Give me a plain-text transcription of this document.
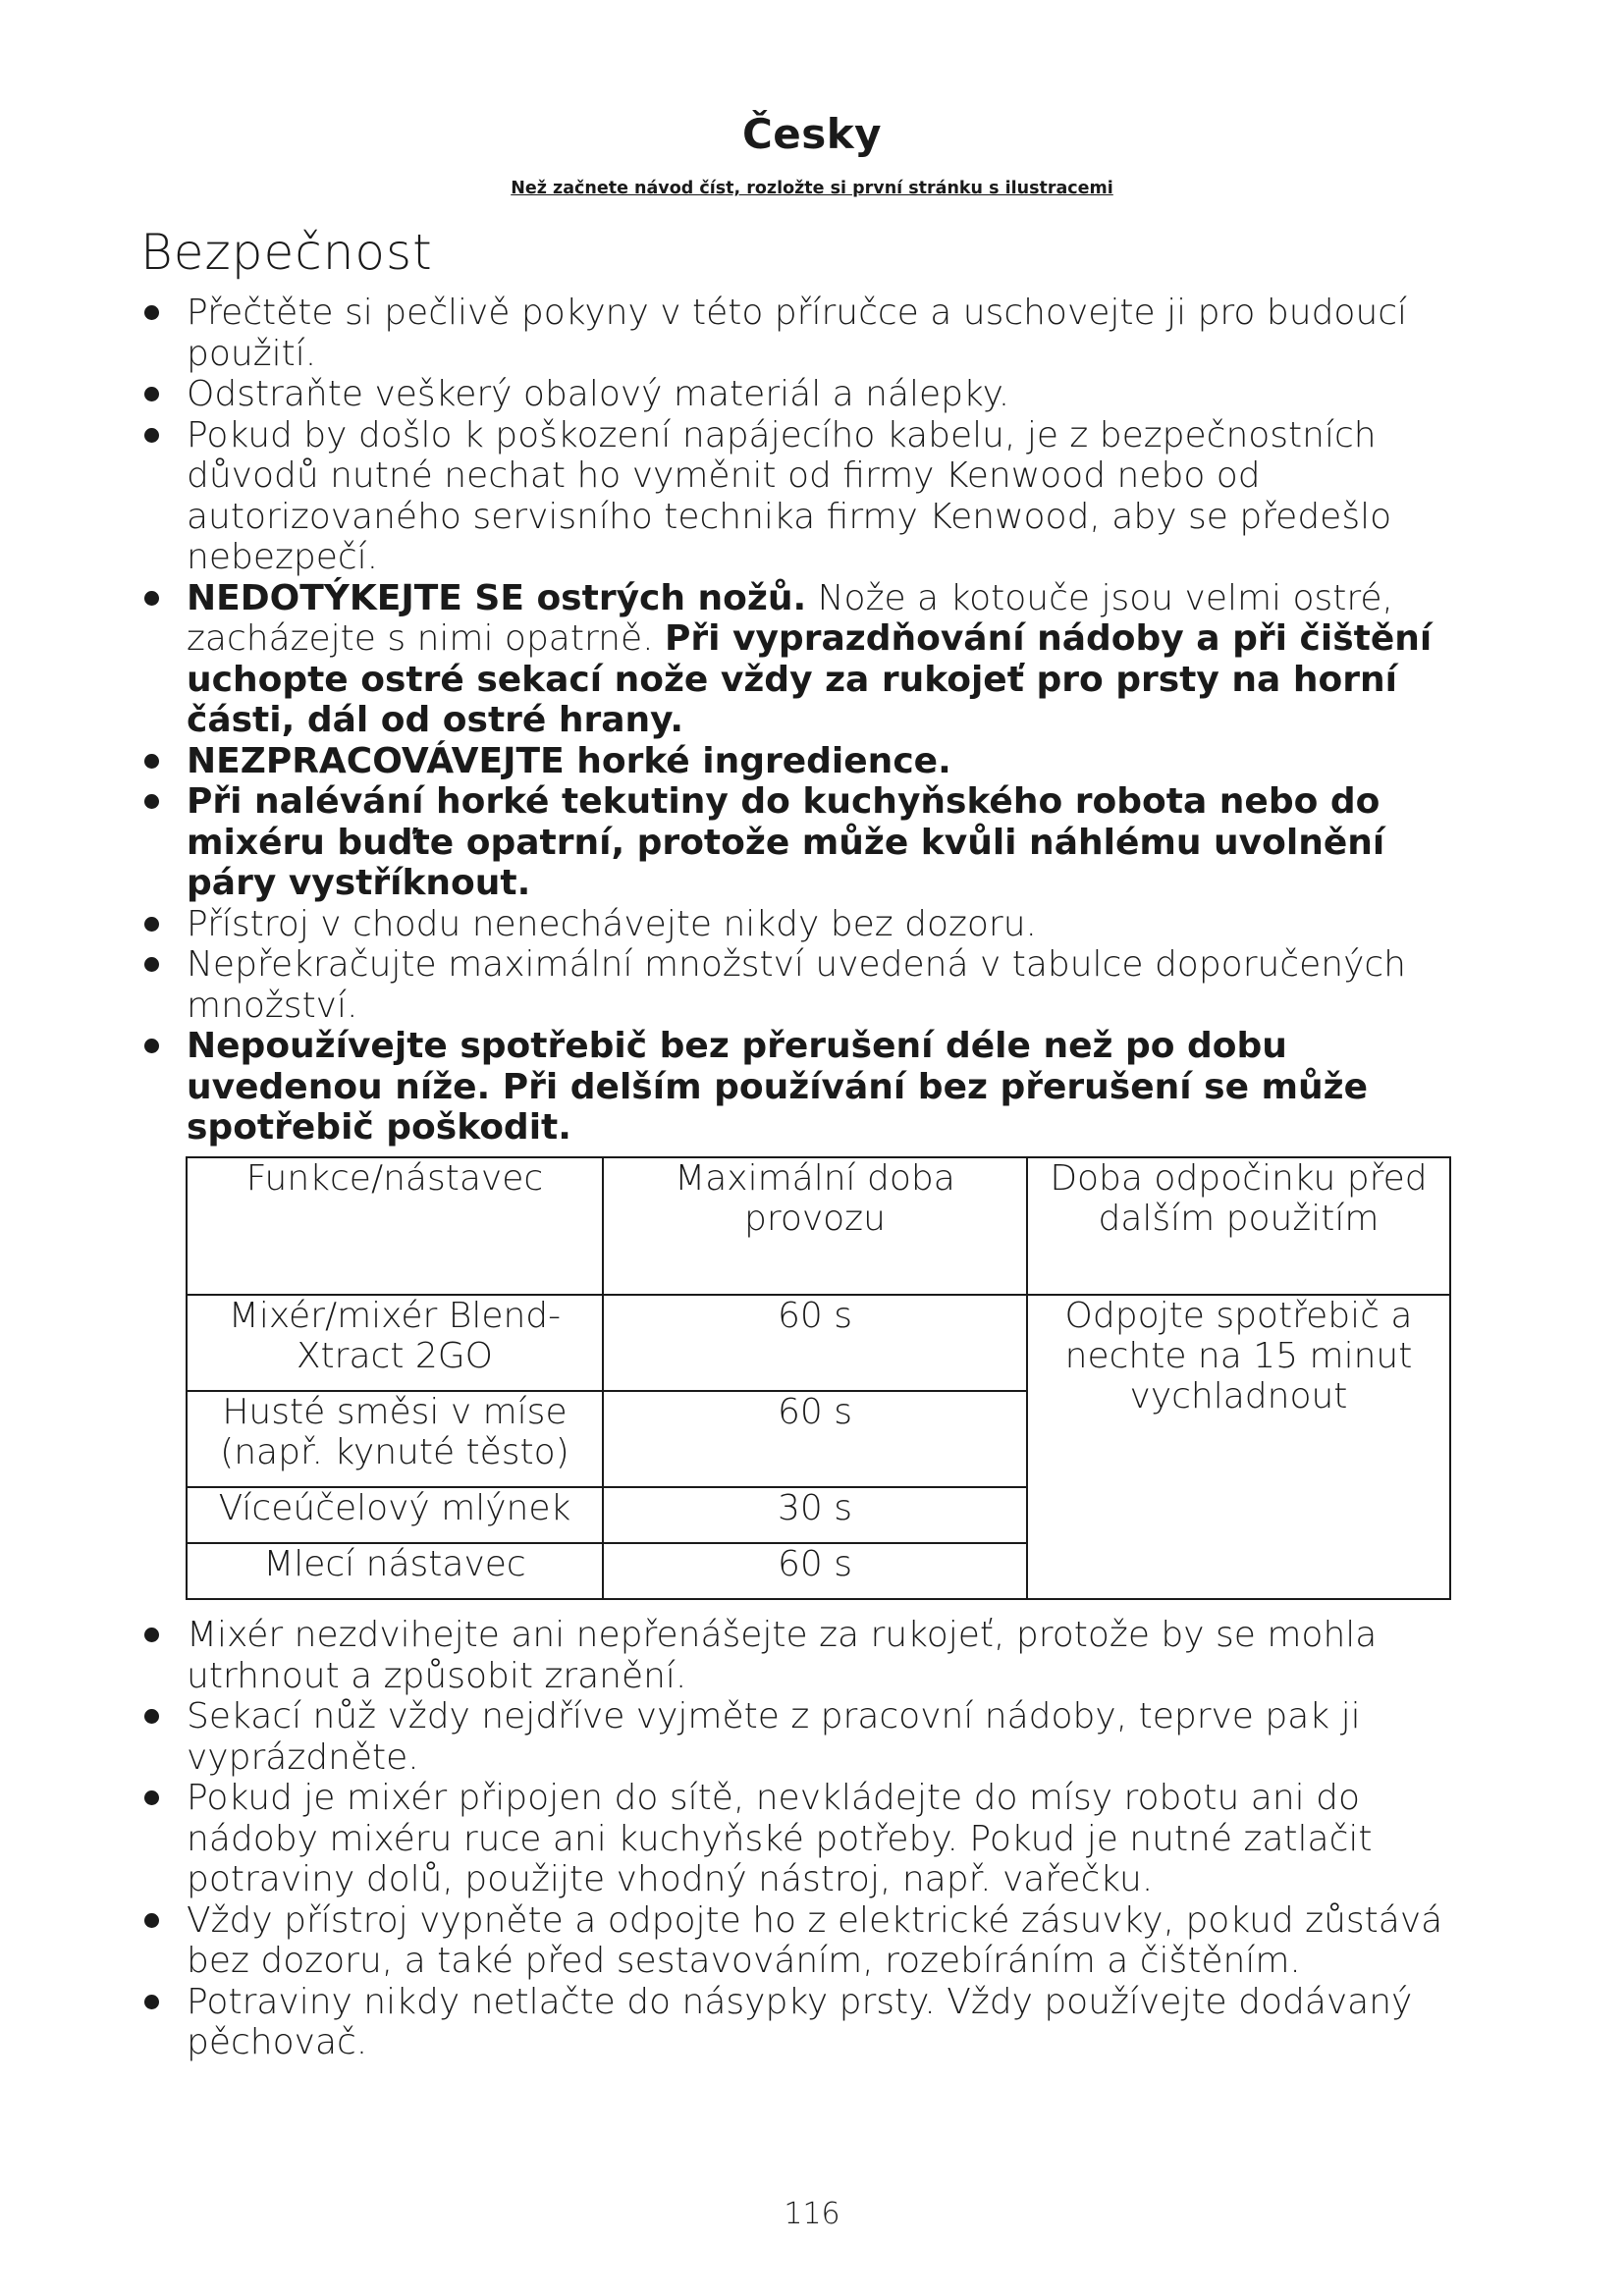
Česky
Než začnete návod číst, rozložte si první stránku s ilustracemi
Bezpečnost
Přečtěte si pečlivě pokyny v této příručce a uschovejte ji pro budoucí použití.
Odstraňte veškerý obalový materiál a nálepky.
Pokud by došlo k poškození napájecího kabelu, je z bezpečnostních důvodů nutné nechat ho vyměnit od firmy Kenwood nebo od autorizovaného servisního technika firmy Kenwood, aby se předešlo nebezpečí.
NEDOTÝKEJTE SE ostrých nožů. Nože a kotouče jsou velmi ostré, zacházejte s nimi opatrně. Při vyprazdňování nádoby a při čištění uchopte ostré sekací nože vždy za rukojeť pro prsty na horní části, dál od ostré hrany.
NEZPRACOVÁVEJTE horké ingredience.
Při nalévání horké tekutiny do kuchyňského robota nebo do mixéru buďte opatrní, protože může kvůli náhlému uvolnění páry vystříknout.
Přístroj v chodu nenechávejte nikdy bez dozoru.
Nepřekračujte maximální množství uvedená v tabulce doporučených množství.
Nepoužívejte spotřebič bez přerušení déle než po dobu uvedenou níže. Při delším používání bez přerušení se může spotřebič poškodit.
Funkce/nástavec	Maximální doba provozu	Doba odpočinku před dalším použitím
Mixér/mixér Blend-Xtract 2GO	60 s	Odpojte spotřebič a nechte na 15 minut vychladnout
Husté směsi v míse (např. kynuté těsto)	60 s	
Víceúčelový mlýnek	30 s	
Mlecí nástavec	60 s	
Mixér nezdvihejte ani nepřenášejte za rukojeť, protože by se mohla utrhnout a způsobit zranění.
Sekací nůž vždy nejdříve vyjměte z pracovní nádoby, teprve pak ji vyprázdněte.
Pokud je mixér připojen do sítě, nevkládejte do mísy robotu ani do nádoby mixéru ruce ani kuchyňské potřeby. Pokud je nutné zatlačit potraviny dolů, použijte vhodný nástroj, např. vařečku.
Vždy přístroj vypněte a odpojte ho z elektrické zásuvky, pokud zůstává bez dozoru, a také před sestavováním, rozebíráním a čištěním.
Potraviny nikdy netlačte do násypky prsty. Vždy používejte dodávaný pěchovač.
116
